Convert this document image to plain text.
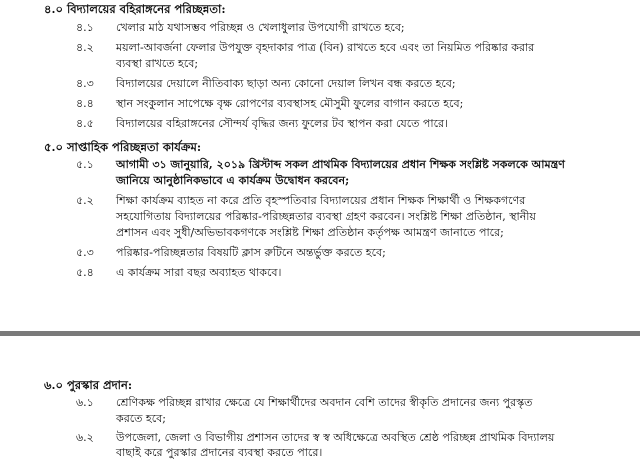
৪.০ বিদ্যালয়ের বহিরাঙ্গনের পরিচ্ছন্নতা:
৪.১ খেলার মাঠ যথাসম্ভব পরিচ্ছন্ন ও খেলাধুলার উপযোগী রাখতে হবে;
৪.২ ময়লা-আবর্জনা ফেলার উপযুক্ত বৃহদাকার পাত্র (বিন) রাখতে হবে এবং তা নিয়মিত পরিষ্কার করার
ব্যবস্থা রাখতে হবে;
৪.৩ বিদ্যালয়ের দেয়ালে নীতিবাক্য ছাড়া অন্য কোনো দেয়াল লিখন বন্ধ করতে হবে;
৪.৪ স্থান সংকুলান সাপেক্ষে বৃক্ষ রোপণের ব্যবস্থাসহ মৌসুমী ফুলের বাগান করতে হবে;
৪.৫ বিদ্যালয়ের বহিরাঙ্গনের সৌন্দর্য বৃদ্ধির জন্য ফুলের টব স্থাপন করা যেতে পারে।
৫.০ সাপ্তাহিক পরিচ্ছন্নতা কার্যক্রম:
৫.১ আগামী ৩১ জানুয়ারি, ২০১৯ খ্রিস্টাব্দ সকল প্রাথমিক বিদ্যালয়ের প্রধান শিক্ষক সংশ্লিষ্ট সকলকে আমন্ত্রণ
জানিয়ে আনুষ্ঠানিকভাবে এ কার্যক্রম উদ্বোধন করবেন;
৫.২ শিক্ষা কার্যক্রম ব্যাহত না করে প্রতি বৃহস্পতিবার বিদ্যালয়ের প্রধান শিক্ষক শিক্ষার্থী ও শিক্ষকগণের
সহযোগিতায় বিদ্যালয়ের পরিষ্কার-পরিচ্ছন্নতার ব্যবস্থা গ্রহণ করবেন। সংশ্লিষ্ট শিক্ষা প্রতিষ্ঠান, স্থানীয়
প্রশাসন এবং সুধী/অভিভাবকগণকে সংশ্লিষ্ট শিক্ষা প্রতিষ্ঠান কর্তৃপক্ষ আমন্ত্রণ জানাতে পারে;
৫.৩ পরিষ্কার-পরিচ্ছন্নতার বিষয়টি ক্লাস রুটিনে অন্তর্ভুক্ত করতে হবে;
৫.৪ এ কার্যক্রম সারা বছর অব্যাহত থাকবে।
৬.০ পুরস্কার প্রদান:
৬.১ শ্রেণিকক্ষ পরিচ্ছন্ন রাখার ক্ষেত্রে যে শিক্ষার্থীদের অবদান বেশি তাদের স্বীকৃতি প্রদানের জন্য পুরস্কৃত
করতে হবে;
৬.২ উপজেলা, জেলা ও বিভাগীয় প্রশাসন তাদের স্ব স্ব অধিক্ষেত্রে অবস্থিত শ্রেষ্ঠ পরিচ্ছন্ন প্রাথমিক বিদ্যালয়
বাছাই করে পুরস্কার প্রদানের ব্যবস্থা করতে পারে।
